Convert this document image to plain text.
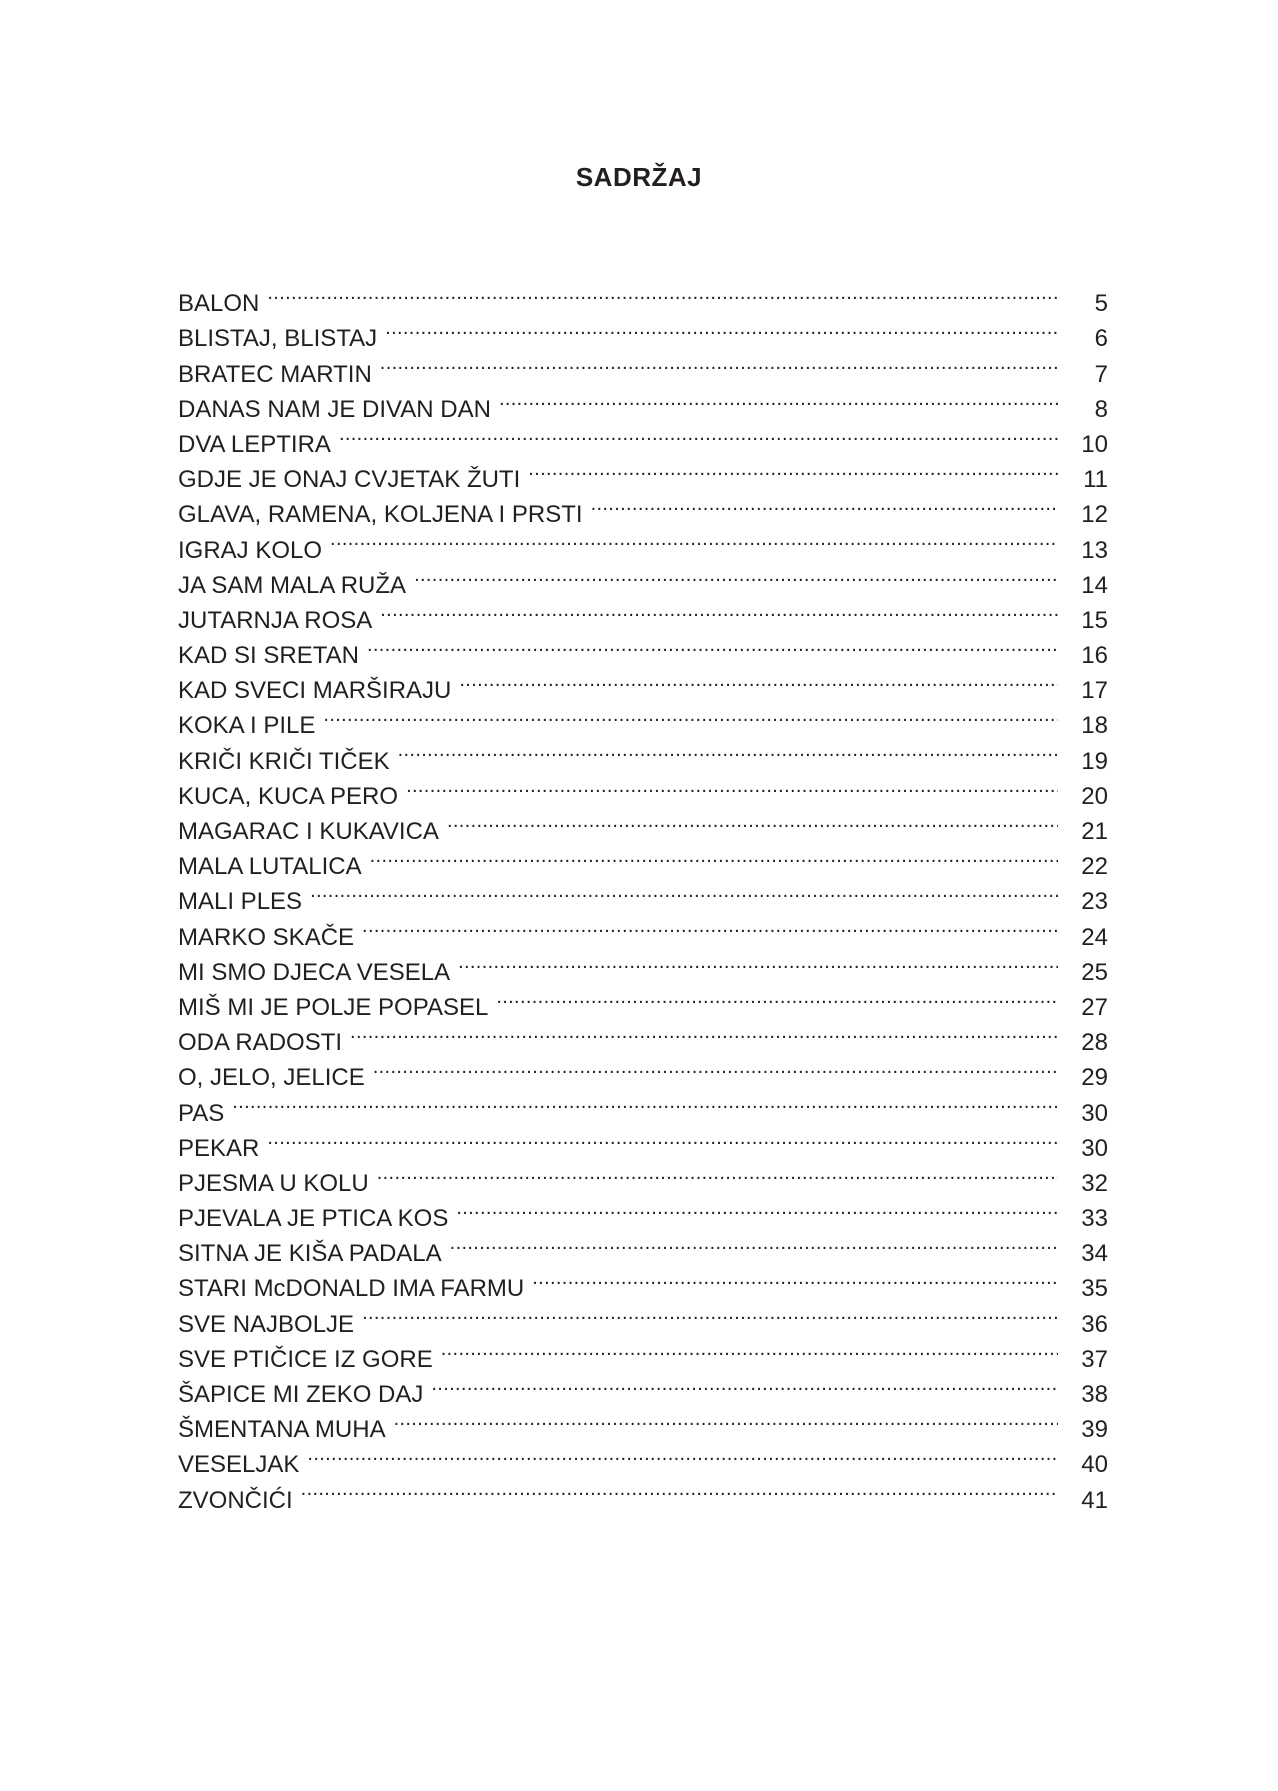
SADRŽAJ
BALON .....	5
BLISTAJ, BLISTAJ .....	6
BRATEC MARTIN .....	7
DANAS NAM JE DIVAN DAN .....	8
DVA LEPTIRA .....	10
GDJE JE ONAJ CVJETAK ŽUTI .....	11
GLAVA, RAMENA, KOLJENA I PRSTI .....	12
IGRAJ KOLO .....	13
JA SAM MALA RUŽA .....	14
JUTARNJA ROSA .....	15
KAD SI SRETAN .....	16
KAD SVECI MARŠIRAJU .....	17
KOKA I PILE .....	18
KRIČI KRIČI TIČEK .....	19
KUCA, KUCA PERO .....	20
MAGARAC I KUKAVICA .....	21
MALA LUTALICA .....	22
MALI PLES .....	23
MARKO SKAČE .....	24
MI SMO DJECA VESELA .....	25
MIŠ MI JE POLJE POPASEL .....	27
ODA RADOSTI .....	28
O, JELO, JELICE .....	29
PAS .....	30
PEKAR .....	30
PJESMA U KOLU .....	32
PJEVALA JE PTICA KOS .....	33
SITNA JE KIŠA PADALA .....	34
STARI McDONALD IMA FARMU .....	35
SVE NAJBOLJE .....	36
SVE PTIČICE IZ GORE .....	37
ŠAPICE MI ZEKO DAJ .....	38
ŠMENTANA MUHA .....	39
VESELJAK .....	40
ZVONČIĆI .....	41
